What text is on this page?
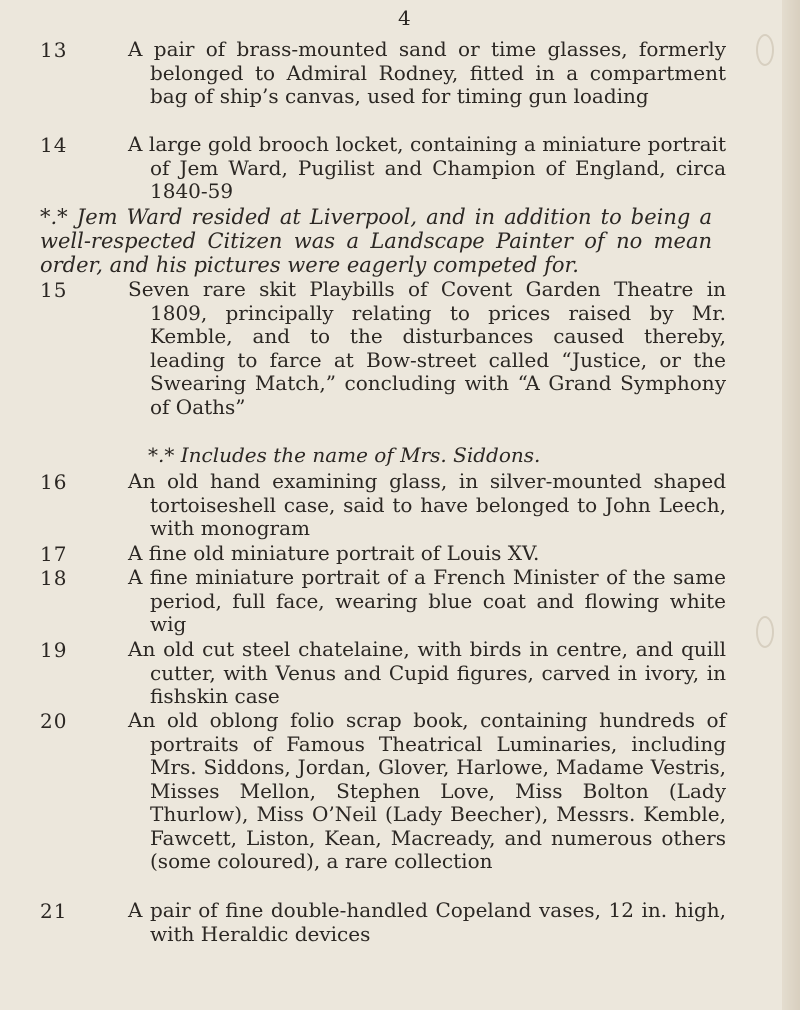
4
13	A pair of brass-mounted sand or time glasses, formerly belonged to Admiral Rodney, fitted in a compartment bag of ship’s canvas, used for timing gun loading

14	A large gold brooch locket, containing a miniature portrait of Jem Ward, Pugilist and Champion of England, circa 1840-59

*.* Jem Ward resided at Liverpool, and in addition to being a well-respected Citizen was a Landscape Painter of no mean order, and his pictures were eagerly competed for.

15	Seven rare skit Playbills of Covent Garden Theatre in 1809, principally relating to prices raised by Mr. Kemble, and to the disturbances caused thereby, leading to farce at Bow-street called “Justice, or the Swearing Match,” concluding with “A Grand Symphony of Oaths”

*.* Includes the name of Mrs. Siddons.

16	An old hand examining glass, in silver-mounted shaped tortoiseshell case, said to have belonged to John Leech, with monogram

17	A fine old miniature portrait of Louis XV.

18	A fine miniature portrait of a French Minister of the same period, full face, wearing blue coat and flowing white wig

19	An old cut steel chatelaine, with birds in centre, and quill cutter, with Venus and Cupid figures, carved in ivory, in fishskin case

20	An old oblong folio scrap book, containing hundreds of portraits of Famous Theatrical Luminaries, including Mrs. Siddons, Jordan, Glover, Harlowe, Madame Vestris, Misses Mellon, Stephen Love, Miss Bolton (Lady Thurlow), Miss O’Neil (Lady Beecher), Messrs. Kemble, Fawcett, Liston, Kean, Macready, and numerous others (some coloured), a rare collection

21	A pair of fine double-handled Copeland vases, 12 in. high, with Heraldic devices
